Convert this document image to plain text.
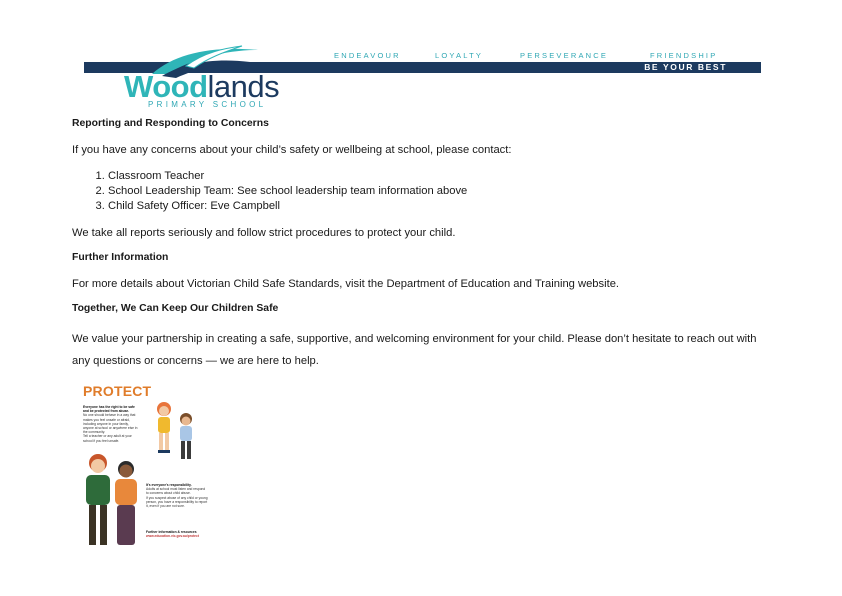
ENDEAVOUR	LOYALTY	PERSEVERANCE	FRIENDSHIP
BE YOUR BEST
Woodlands
PRIMARY SCHOOL
Reporting and Responding to Concerns

If you have any concerns about your child’s safety or wellbeing at school, please contact:

1. Classroom Teacher
2. School Leadership Team: See school leadership team information above
3. Child Safety Officer: Eve Campbell

We take all reports seriously and follow strict procedures to protect your child.

Further Information

For more details about Victorian Child Safe Standards, visit the Department of Education and Training website.

Together, We Can Keep Our Children Safe

We value your partnership in creating a safe, supportive, and welcoming environment for your child. Please don’t hesitate to reach out with any questions or concerns — we are here to help.

PROTECT
Everyone has the right to be safe and be protected from abuse.
No one should behave in a way that makes you feel unsafe or afraid, including anyone in your family, anyone at school or anywhere else in the community.
Tell a teacher or any adult at your school if you feel unsafe.
It's everyone's responsibility.
Adults at school must listen and respond to concerns about child abuse.
If you suspect abuse of any child or young person, you have a responsibility to report it, even if you are not sure.
Further information & resources
www.education.vic.gov.au/protect
